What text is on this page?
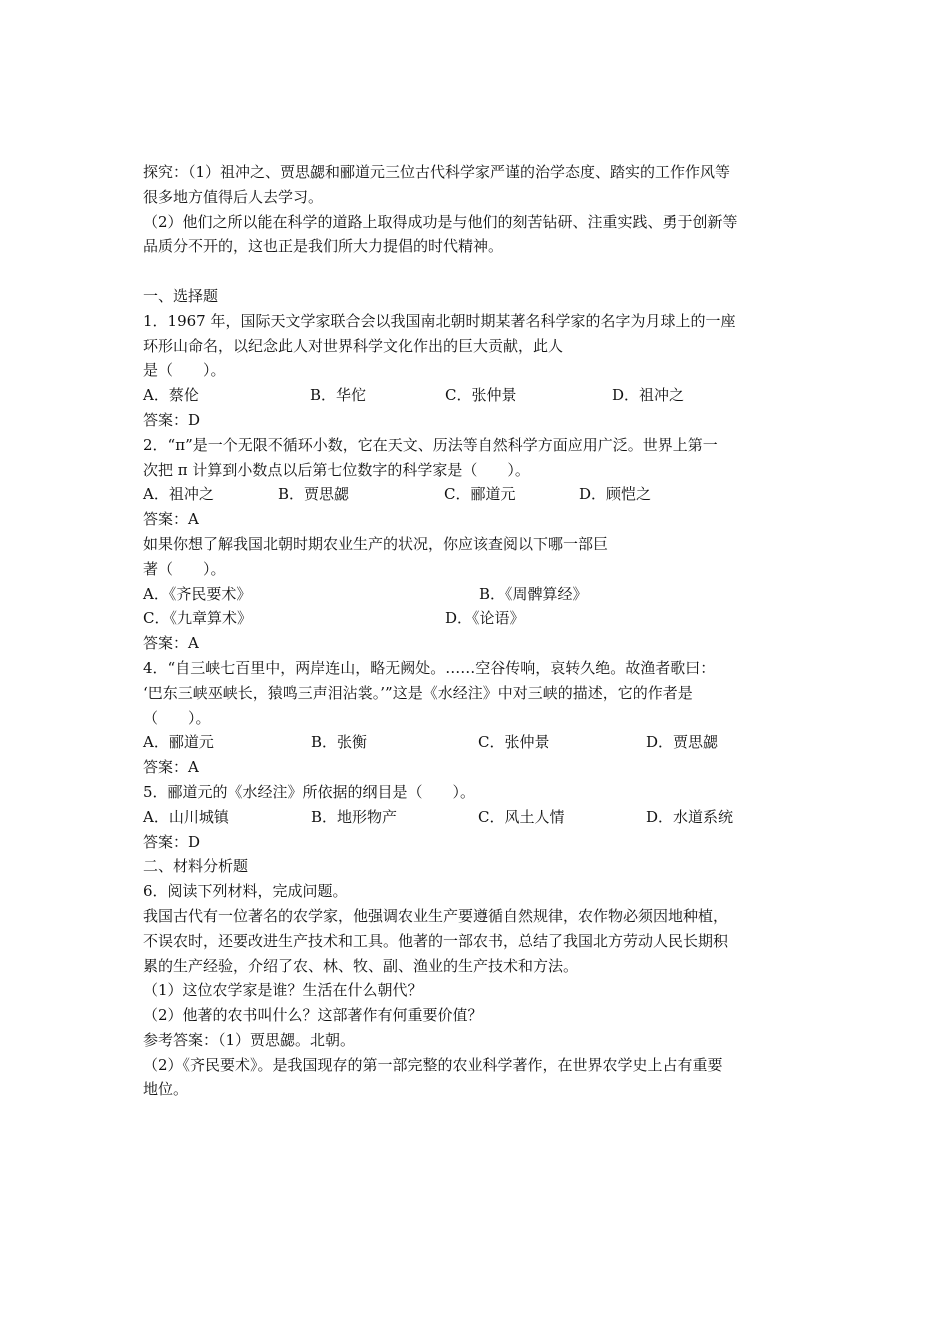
探究：（1）祖冲之、贾思勰和郦道元三位古代科学家严谨的治学态度、踏实的工作作风等
很多地方值得后人去学习。
（2）他们之所以能在科学的道路上取得成功是与他们的刻苦钻研、注重实践、勇于创新等
品质分不开的，这也正是我们所大力提倡的时代精神。
一、选择题
1．1967 年，国际天文学家联合会以我国南北朝时期某著名科学家的名字为月球上的一座
环形山命名，以纪念此人对世界科学文化作出的巨大贡献，此人
是（　　）。
A．蔡伦	B．华佗	C．张仲景	D．祖冲之
答案：D
2．“π”是一个无限不循环小数，它在天文、历法等自然科学方面应用广泛。世界上第一
次把 π 计算到小数点以后第七位数字的科学家是（　　）。
A．祖冲之	B．贾思勰	C．郦道元	D．顾恺之
答案：A
如果你想了解我国北朝时期农业生产的状况，你应该查阅以下哪一部巨
著（　　）。
A．《齐民要术》	B．《周髀算经》
C．《九章算术》	D．《论语》
答案：A
4．“自三峡七百里中，两岸连山，略无阙处。……空谷传响，哀转久绝。故渔者歌曰：
‘巴东三峡巫峡长，猿鸣三声泪沾裳。’”这是《水经注》中对三峡的描述，它的作者是
（　　）。
A．郦道元	B．张衡	C．张仲景	D．贾思勰
答案：A
5．郦道元的《水经注》所依据的纲目是（　　）。
A．山川城镇	B．地形物产	C．风土人情	D．水道系统
答案：D
二、材料分析题
6．阅读下列材料，完成问题。
我国古代有一位著名的农学家，他强调农业生产要遵循自然规律，农作物必须因地种植，
不误农时，还要改进生产技术和工具。他著的一部农书，总结了我国北方劳动人民长期积
累的生产经验，介绍了农、林、牧、副、渔业的生产技术和方法。
（1）这位农学家是谁？生活在什么朝代？
（2）他著的农书叫什么？这部著作有何重要价值？
参考答案：（1）贾思勰。北朝。
（2）《齐民要术》。是我国现存的第一部完整的农业科学著作，在世界农学史上占有重要
地位。
